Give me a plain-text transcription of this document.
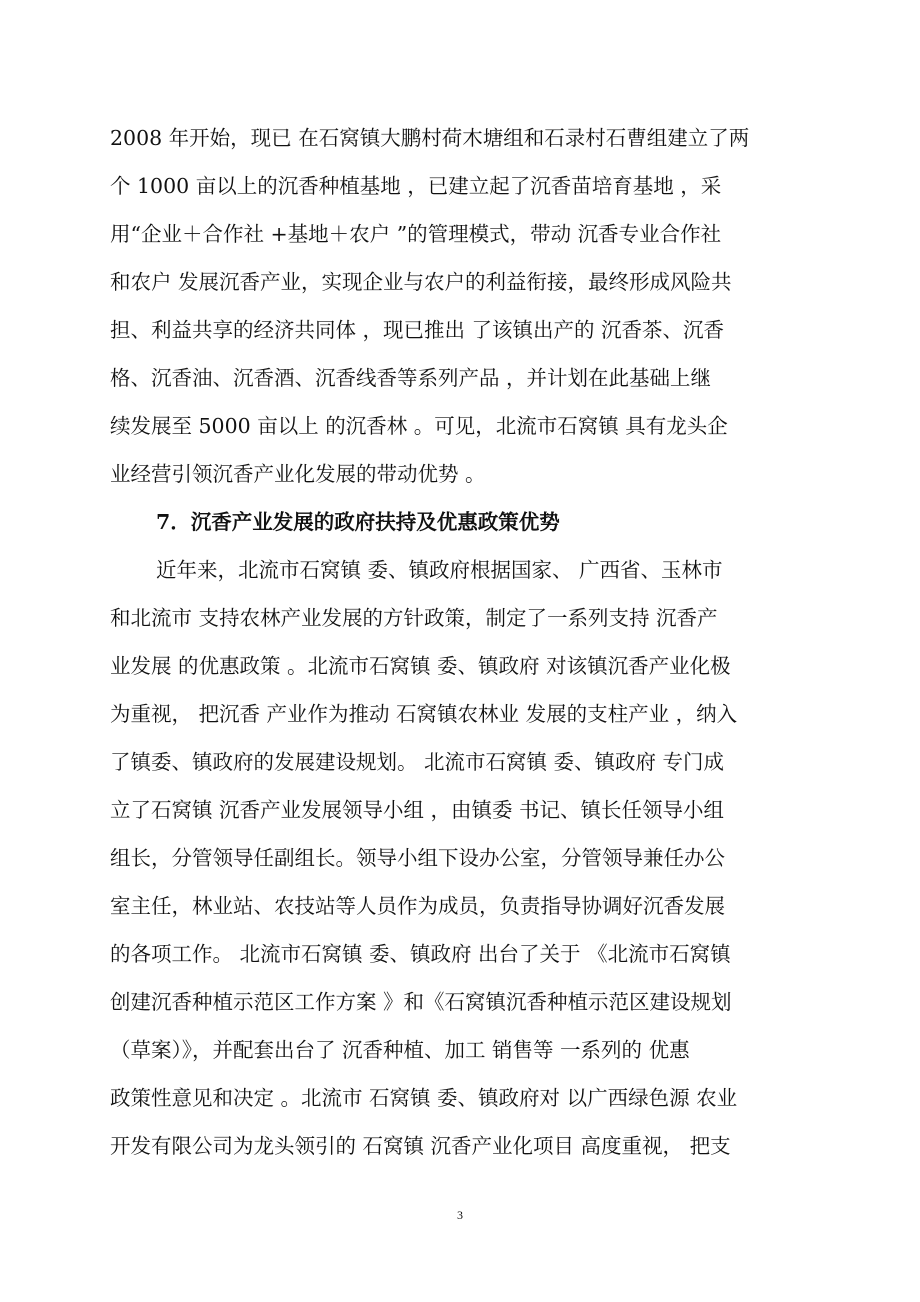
2008 年开始，现已 在石窝镇大鹏村荷木塘组和石录村石曹组建立了两
个 1000 亩以上的沉香种植基地 ，已建立起了沉香苗培育基地 ，采
用“企业＋合作社 +基地＋农户 ”的管理模式，带动 沉香专业合作社
和农户 发展沉香产业，实现企业与农户的利益衔接，最终形成风险共
担、利益共享的经济共同体 ，现已推出 了该镇出产的 沉香茶、沉香
格、沉香油、沉香酒、沉香线香等系列产品 ，并计划在此基础上继
续发展至 5000 亩以上 的沉香林 。可见，北流市石窝镇 具有龙头企
业经营引领沉香产业化发展的带动优势 。
7．沉香产业发展的政府扶持及优惠政策优势
近年来，北流市石窝镇 委、镇政府根据国家、 广西省、玉林市
和北流市 支持农林产业发展的方针政策，制定了一系列支持 沉香产
业发展 的优惠政策 。北流市石窝镇 委、镇政府 对该镇沉香产业化极
为重视， 把沉香 产业作为推动 石窝镇农林业 发展的支柱产业 ，纳入
了镇委、镇政府的发展建设规划。 北流市石窝镇 委、镇政府 专门成
立了石窝镇 沉香产业发展领导小组 ，由镇委 书记、镇长任领导小组
组长，分管领导任副组长。领导小组下设办公室，分管领导兼任办公
室主任，林业站、农技站等人员作为成员，负责指导协调好沉香发展
的各项工作。 北流市石窝镇 委、镇政府 出台了关于 《北流市石窝镇
创建沉香种植示范区工作方案 》和《石窝镇沉香种植示范区建设规划
（草案）》，并配套出台了 沉香种植、加工 销售等 一系列的 优惠
政策性意见和决定 。北流市 石窝镇 委、镇政府对 以广西绿色源 农业
开发有限公司为龙头领引的 石窝镇 沉香产业化项目 高度重视， 把支
3
